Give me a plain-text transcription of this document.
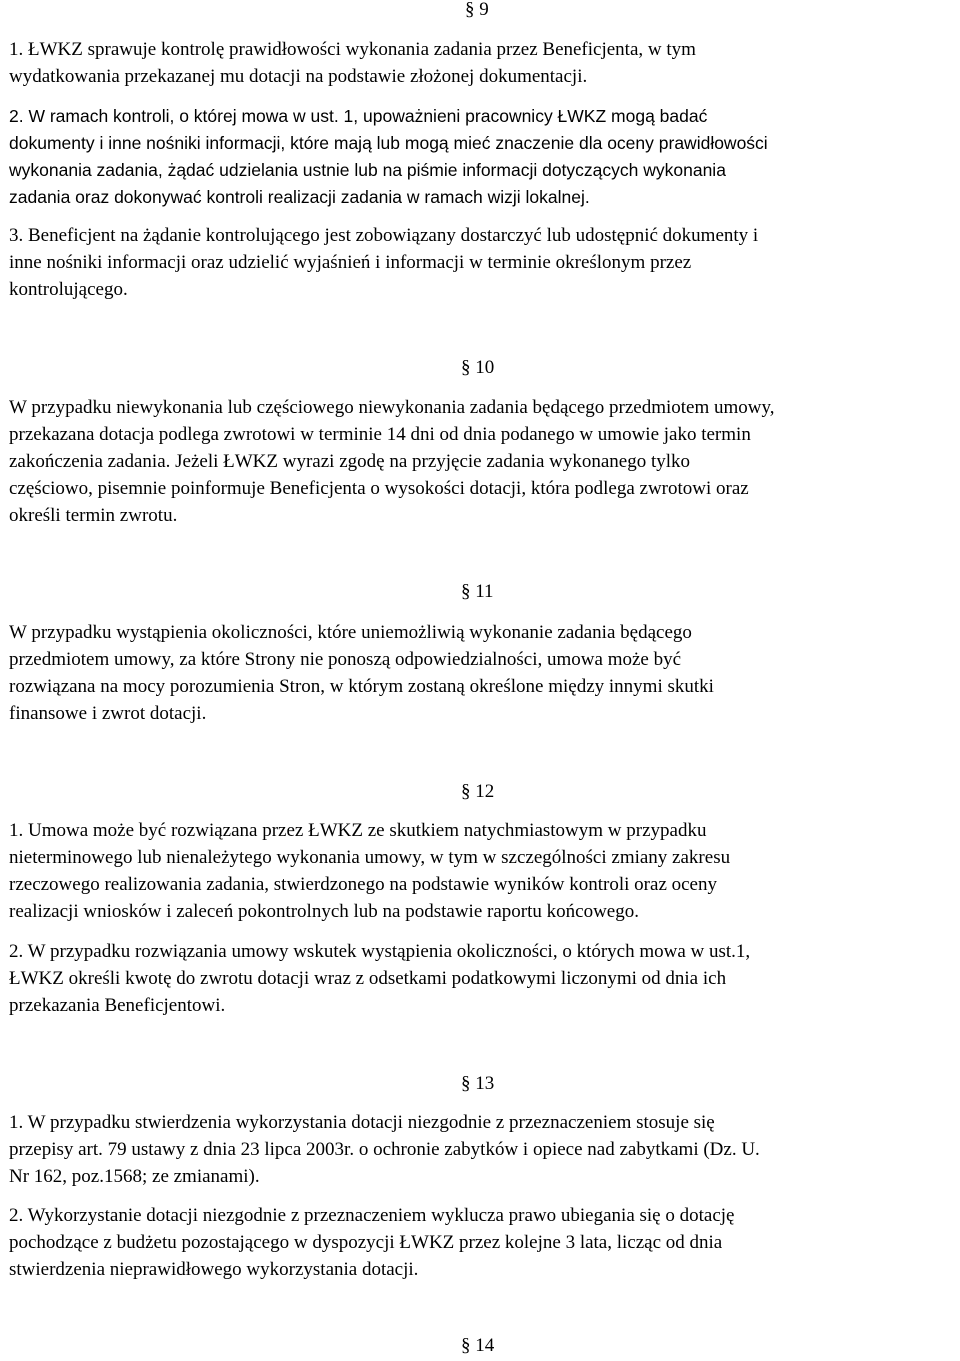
§ 9

1. ŁWKZ sprawuje kontrolę prawidłowości wykonania zadania przez Beneficjenta, w tym
wydatkowania przekazanej mu dotacji na podstawie złożonej dokumentacji.

2. W ramach kontroli, o której mowa w ust. 1, upoważnieni pracownicy ŁWKZ mogą badać
dokumenty i inne nośniki informacji, które mają lub mogą mieć znaczenie dla oceny prawidłowości
wykonania zadania, żądać udzielania ustnie lub na piśmie informacji dotyczących wykonania
zadania oraz dokonywać kontroli realizacji zadania w ramach wizji lokalnej.

3. Beneficjent na żądanie kontrolującego jest zobowiązany dostarczyć lub udostępnić dokumenty i
inne nośniki informacji oraz udzielić wyjaśnień i informacji w terminie określonym przez
kontrolującego.

§ 10

W przypadku niewykonania lub częściowego niewykonania zadania będącego przedmiotem umowy,
przekazana dotacja podlega zwrotowi w terminie 14 dni od dnia podanego w umowie jako termin
zakończenia zadania. Jeżeli ŁWKZ wyrazi zgodę na przyjęcie zadania wykonanego tylko
częściowo, pisemnie poinformuje Beneficjenta o wysokości dotacji, która podlega zwrotowi oraz
określi termin zwrotu.

§ 11

W przypadku wystąpienia okoliczności, które uniemożliwią wykonanie zadania będącego
przedmiotem umowy, za które Strony nie ponoszą odpowiedzialności, umowa może być
rozwiązana na mocy porozumienia Stron, w którym zostaną określone między innymi skutki
finansowe i zwrot dotacji.

§ 12

1. Umowa może być rozwiązana przez ŁWKZ ze skutkiem natychmiastowym w przypadku
nieterminowego lub nienależytego wykonania umowy, w tym w szczególności zmiany zakresu
rzeczowego realizowania zadania, stwierdzonego na podstawie wyników kontroli oraz oceny
realizacji wniosków i zaleceń pokontrolnych lub na podstawie raportu końcowego.

2. W przypadku rozwiązania umowy wskutek wystąpienia okoliczności, o których mowa w ust.1,
ŁWKZ określi kwotę do zwrotu dotacji wraz z odsetkami podatkowymi liczonymi od dnia ich
przekazania Beneficjentowi.

§ 13

1. W przypadku stwierdzenia wykorzystania dotacji niezgodnie z przeznaczeniem stosuje się
przepisy art. 79 ustawy z dnia 23 lipca 2003r. o ochronie zabytków i opiece nad zabytkami (Dz. U.
Nr 162, poz.1568; ze zmianami).

2. Wykorzystanie dotacji niezgodnie z przeznaczeniem wyklucza prawo ubiegania się o dotację
pochodzące z budżetu pozostającego w dyspozycji ŁWKZ przez kolejne 3 lata, licząc od dnia
stwierdzenia nieprawidłowego wykorzystania dotacji.

§ 14
